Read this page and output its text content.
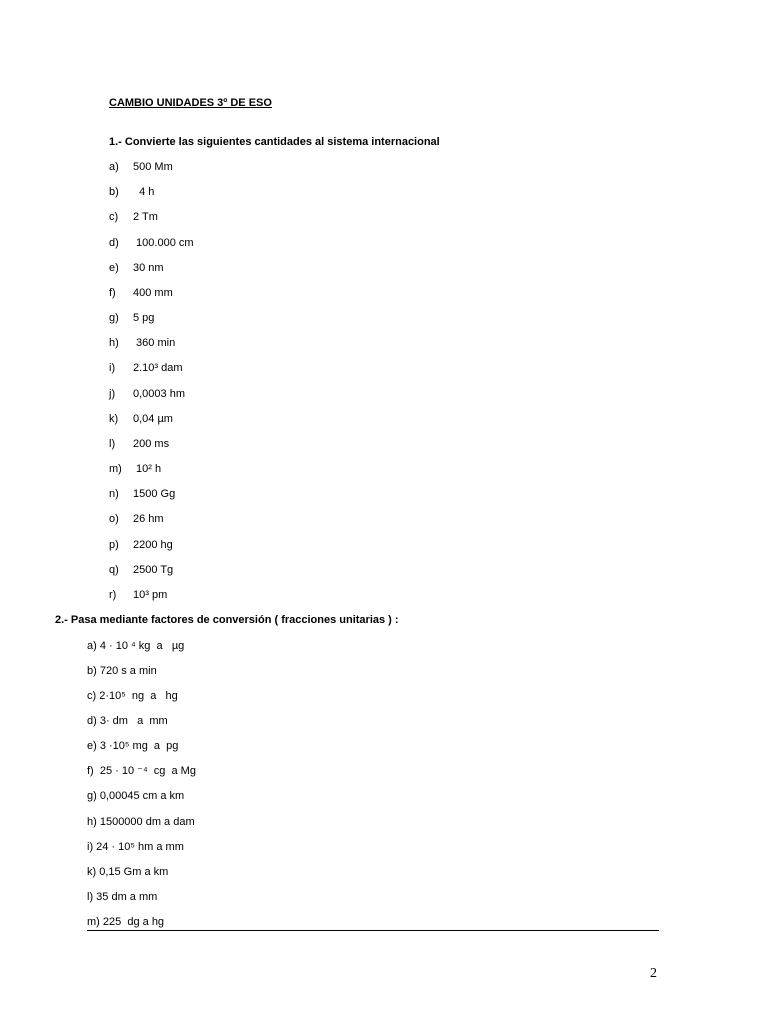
CAMBIO UNIDADES 3º DE ESO
1.- Convierte las siguientes cantidades al sistema internacional
a) 500 Mm
b) 4 h
c) 2 Tm
d) 100.000 cm
e) 30 nm
f) 400 mm
g) 5 pg
h) 360 min
i) 2.10³ dam
j) 0,0003 hm
k) 0,04 µm
l) 200 ms
m) 10² h
n) 1500 Gg
o) 26 hm
p) 2200 hg
q) 2500 Tg
r) 10³ pm
2.- Pasa mediante factores de conversión ( fracciones unitarias ) :
a) 4 · 10 ⁴ kg  a   µg
b) 720 s a min
c) 2·10⁵  ng  a   hg
d) 3· dm   a  mm
e) 3 ·10⁵ mg  a  pg
f)  25 · 10 ⁻⁴  cg  a Mg
g) 0,00045 cm a km
h) 1500000 dm a dam
i) 24 · 10⁵ hm a mm
k) 0,15 Gm a km
l) 35 dm a mm
m) 225  dg a hg
2
